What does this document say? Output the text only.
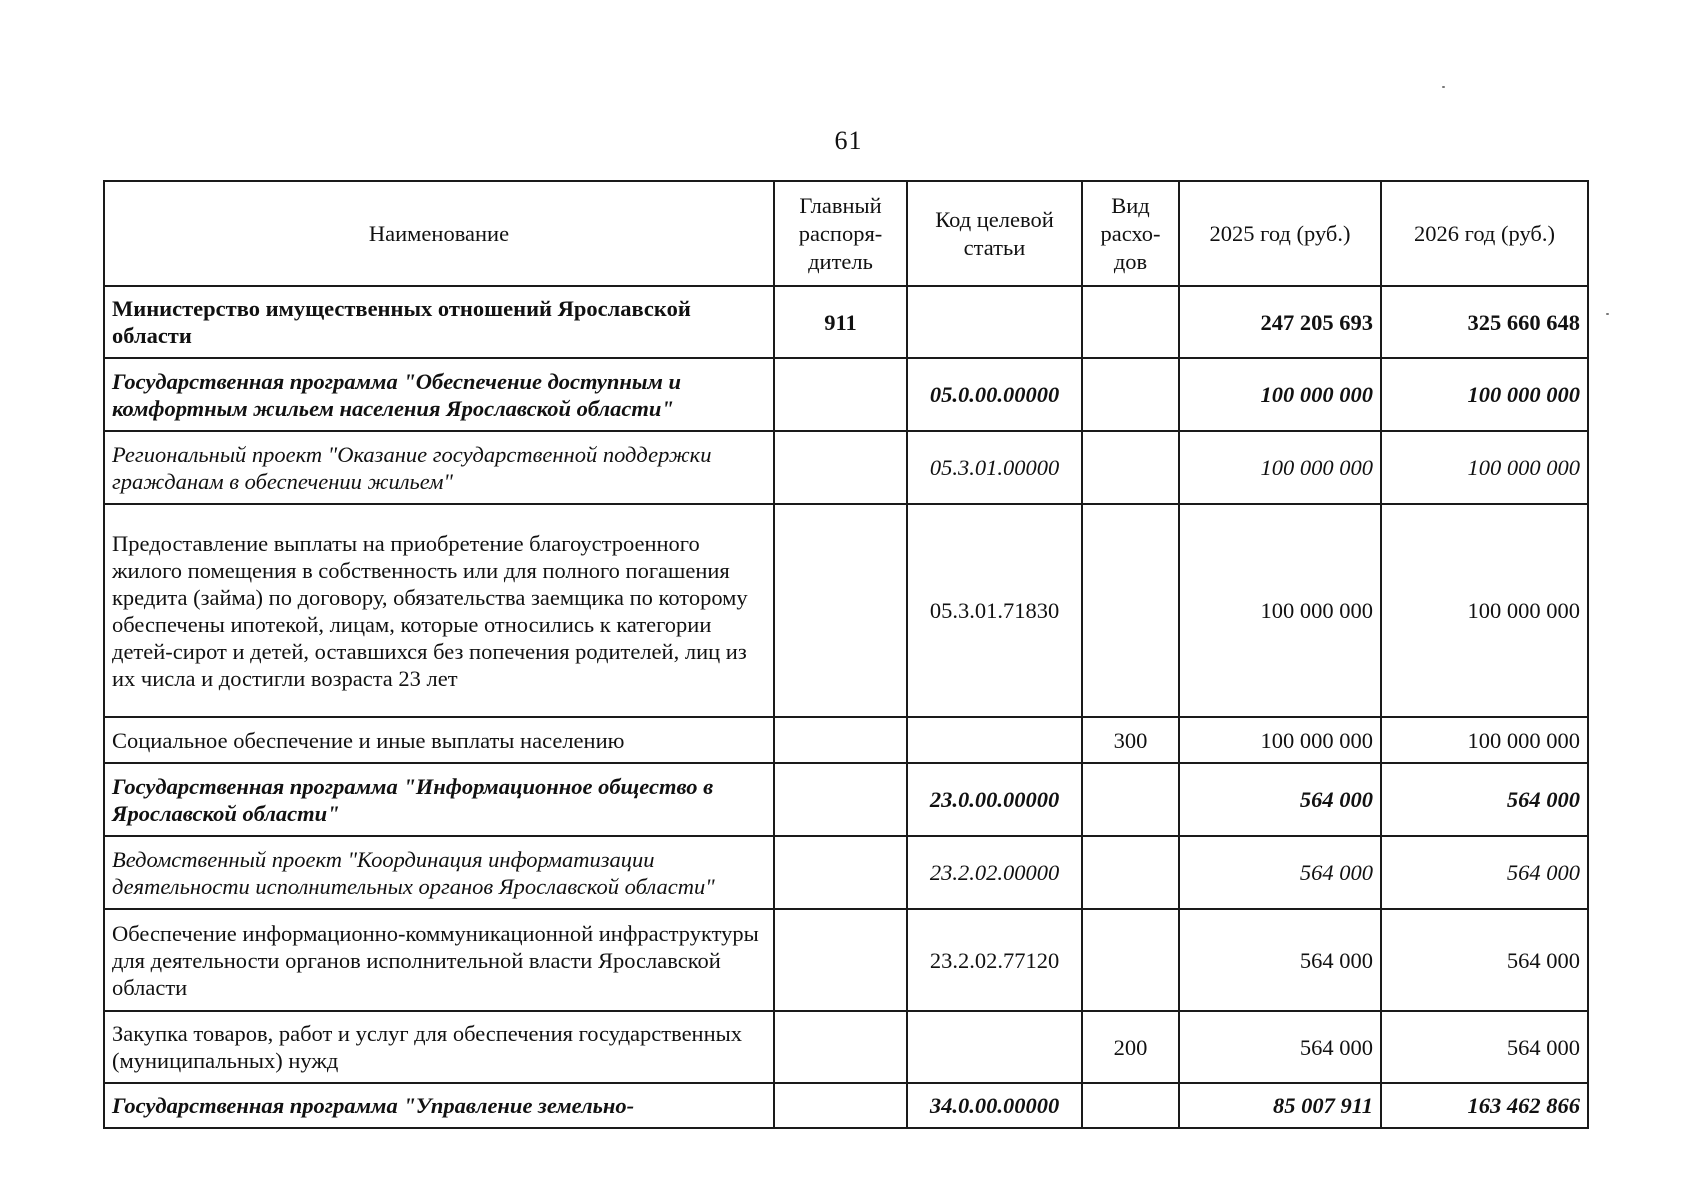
61
Наименование	Главный распоря-дитель	Код целевой статьи	Вид расхо-дов	2025 год (руб.)	2026 год (руб.)
Министерство имущественных отношений Ярославской области	911			247 205 693	325 660 648
Государственная программа "Обеспечение доступным и комфортным жильем населения Ярославской области"		05.0.00.00000		100 000 000	100 000 000
Региональный проект "Оказание государственной поддержки гражданам в обеспечении жильем"		05.3.01.00000		100 000 000	100 000 000
Предоставление выплаты на приобретение благоустроенного жилого помещения в собственность или для полного погашения кредита (займа) по договору, обязательства заемщика по которому обеспечены ипотекой, лицам, которые относились к категории детей-сирот и детей, оставшихся без попечения родителей, лиц из их числа и достигли возраста 23 лет		05.3.01.71830		100 000 000	100 000 000
Социальное обеспечение и иные выплаты населению			300	100 000 000	100 000 000
Государственная программа "Информационное общество в Ярославской области"		23.0.00.00000		564 000	564 000
Ведомственный проект "Координация информатизации деятельности исполнительных органов Ярославской области"		23.2.02.00000		564 000	564 000
Обеспечение информационно-коммуникационной инфраструктуры для деятельности органов исполнительной власти Ярославской области		23.2.02.77120		564 000	564 000
Закупка товаров, работ и услуг для обеспечения государственных (муниципальных) нужд			200	564 000	564 000
Государственная программа "Управление земельно-		34.0.00.00000		85 007 911	163 462 866
